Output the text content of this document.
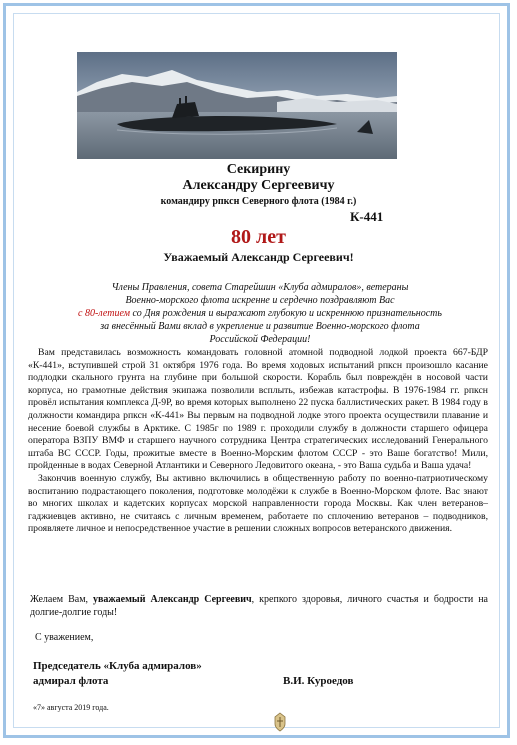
Секирину
Александру Сергеевичу
командиру рпксн Северного флота (1984 г.)
К-441
80 лет
Уважаемый Александр Сергеевич!
Члены Правления, совета Старейшин «Клуба адмиралов», ветераны
Военно-морского флота искренне и сердечно поздравляют Вас
с 80-летием со Дня рождения и выражают глубокую и искреннюю признательность
за внесённый Вами вклад в укрепление и развитие Военно-морского флота
Российской Федерации!

Вам представилась возможность командовать головной атомной подводной лодкой проекта 667-БДР «К-441», вступившей строй 31 октября 1976 года. Во время ходовых испытаний рпксн произошло касание подлодки скального грунта на глубине при большой скорости. Корабль был повреждён в носовой части корпуса, но грамотные действия экипажа позволили всплыть, избежав катастрофы. В 1976-1984 гг. рпксн провёл испытания комплекса Д-9Р, во время которых выполнено 22 пуска баллистических ракет. В 1984 году в должности командира рпксн «К-441» Вы первым на подводной лодке этого проекта осуществили плавание и несение боевой службы в Арктике. С 1985г по 1989 г. проходили службу в должности старшего офицера оператора ВЗПУ ВМФ и старшего научного сотрудника Центра стратегических исследований Генерального штаба ВС СССР. Годы, прожитые вместе в Военно-Морским флотом СССР - это Ваше богатство! Мили, пройденные в водах Северной Атлантики и Северного Ледовитого океана, - это Ваша судьба и Ваша удача!

Закончив военную службу, Вы активно включились в общественную работу по военно-патриотическому воспитанию подрастающего поколения, подготовке молодёжи к службе в Военно-Морском флоте. Вас знают во многих школах и кадетских корпусах морской направленности города Москвы. Как член ветеранов–гаджиевцев активно, не считаясь с личным временем, работаете по сплочению ветеранов – подводников, проявляете личное и непосредственное участие в решении сложных вопросов ветеранского движения.

Желаем Вам, уважаемый Александр Сергеевич, крепкого здоровья, личного счастья и бодрости на долгие-долгие годы!
С уважением,
Председатель «Клуба адмиралов»
адмирал флота	В.И. Куроедов
«7» августа 2019 года.
